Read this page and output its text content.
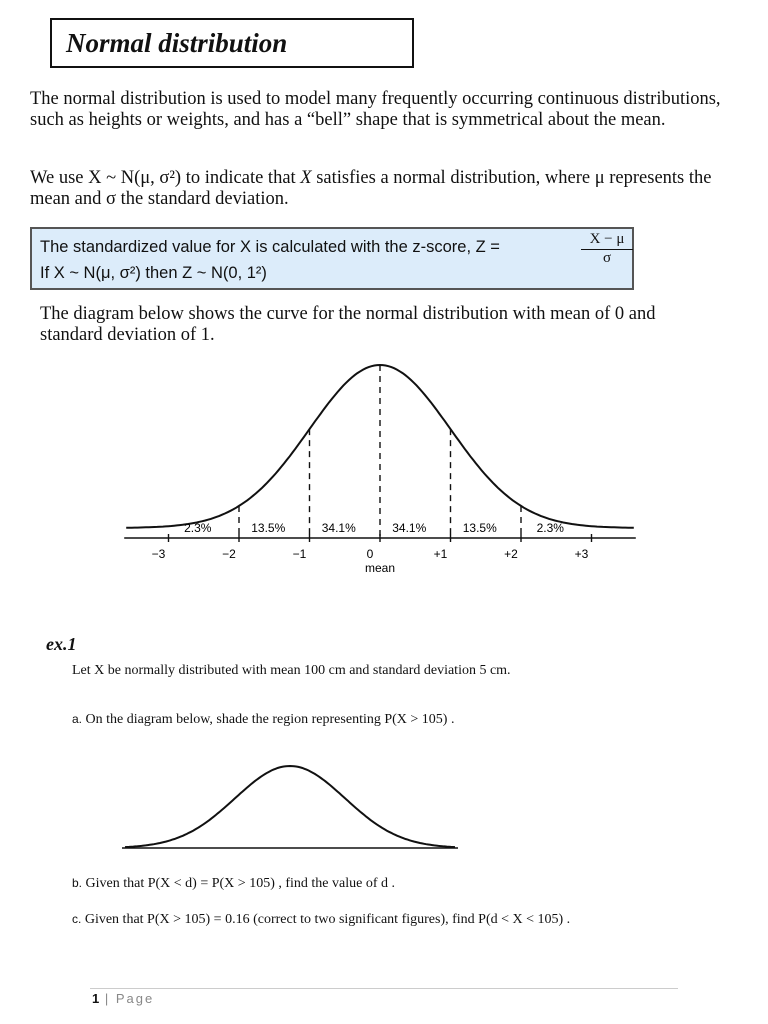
Normal distribution
The normal distribution is used to model many frequently occurring continuous distributions, such as heights or weights, and has a “bell” shape that is symmetrical about the mean.
We use X ~ N(μ, σ²) to indicate that X satisfies a normal distribution, where μ represents the mean and σ the standard deviation.
The standardized value for X is calculated with the z-score, Z =	$\frac{X - \mu}{\sigma}$
If X ~ N(μ, σ²) then Z ~ N(0, 1²)
The diagram below shows the curve for the normal distribution with mean of 0 and standard deviation of 1.
−3	−2	−1	0	+1	+2	+3
2.3%	13.5%	34.1%	34.1%	13.5%	2.3%
mean
ex.1
Let X be normally distributed with mean 100 cm and standard deviation 5 cm.
a. On the diagram below, shade the region representing P(X > 105) .
b. Given that P(X < d) = P(X > 105) , find the value of d .
c. Given that P(X > 105) = 0.16 (correct to two significant figures), find P(d < X < 105) .
1 | Page
